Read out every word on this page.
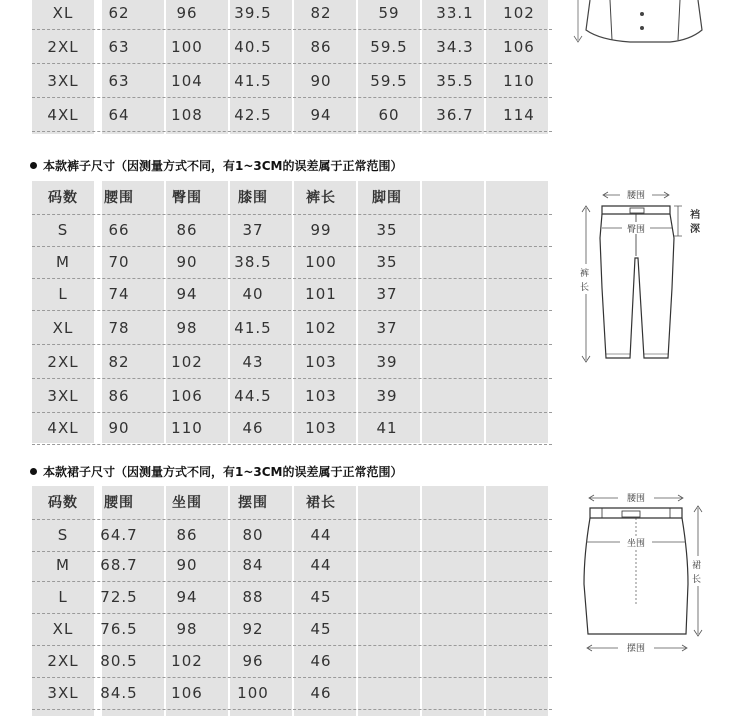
XL	62	96	39.5	82	59	33.1	102
2XL	63	100	40.5	86	59.5	34.3	106
3XL	63	104	41.5	90	59.5	35.5	110
4XL	64	108	42.5	94	60	36.7	114
本款裤子尺寸（因测量方式不同，有1~3CM的误差属于正常范围）
码数	腰围	臀围	膝围	裤长	脚围
S	66	86	37	99	35
M	70	90	38.5	100	35
L	74	94	40	101	37
XL	78	98	41.5	102	37
2XL	82	102	43	103	39
3XL	86	106	44.5	103	39
4XL	90	110	46	103	41
腰围
臀围
裆
深
裤
长
本款裙子尺寸（因测量方式不同，有1~3CM的误差属于正常范围）
码数	腰围	坐围	摆围	裙长
S	64.7	86	80	44
M	68.7	90	84	44
L	72.5	94	88	45
XL	76.5	98	92	45
2XL	80.5	102	96	46
3XL	84.5	106	100	46
腰围
坐围
摆围
裙
长
